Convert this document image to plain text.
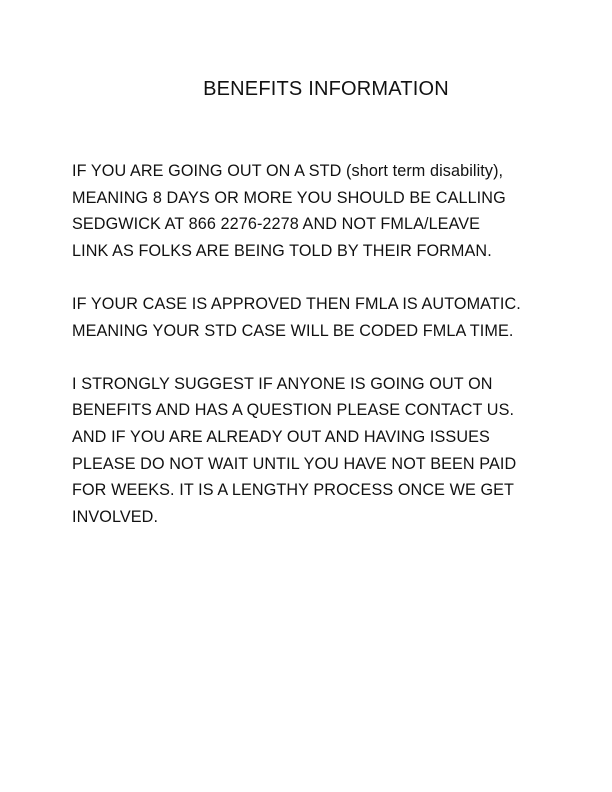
BENEFITS INFORMATION

IF YOU ARE GOING OUT ON A STD (short term disability),
MEANING 8 DAYS OR MORE YOU SHOULD BE CALLING
SEDGWICK AT 866 2276-2278 AND NOT FMLA/LEAVE
LINK AS FOLKS ARE BEING TOLD BY THEIR FORMAN.

IF YOUR CASE IS APPROVED THEN FMLA IS AUTOMATIC.
MEANING YOUR STD CASE WILL BE CODED FMLA TIME.

I STRONGLY SUGGEST IF ANYONE IS GOING OUT ON
BENEFITS AND HAS A QUESTION PLEASE CONTACT US.
AND IF YOU ARE ALREADY OUT AND HAVING ISSUES
PLEASE DO NOT WAIT UNTIL YOU HAVE NOT BEEN PAID
FOR WEEKS. IT IS A LENGTHY PROCESS ONCE WE GET
INVOLVED.
